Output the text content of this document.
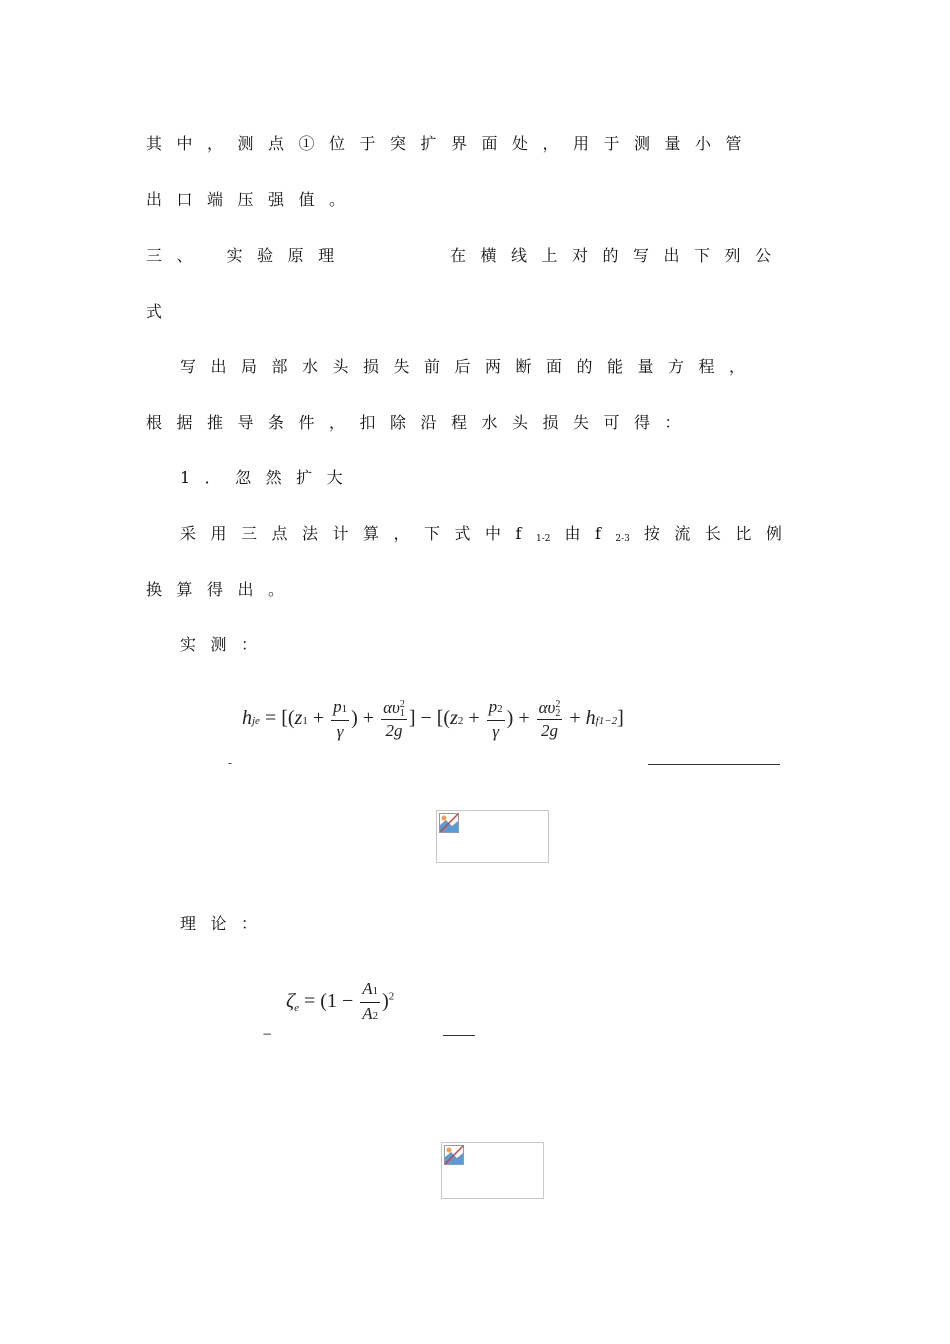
其中，测点①位于突扩界面处，用于测量小管
出口端压强值。
三、 实验原理	在横线上对的写出下列公
式
写出局部水头损失前后两断面的能量方程，
根据推导条件，扣除沿程水头损失可得：
1．忽然扩大
采用三点法计算，下式中$f_{1-2}$ 由$f_{2-3}$ 按流长比例
换算得出。
实测：
hje = [($z1 + \frac{p1}{\gamma}$ ) + αυ 2
1
2g ] − [($z2 + \frac{p2}{\gamma}$ ) + αυ 2
2
2g + hf1−2]
-
理论：
ζ ′
$e = (1 - \frac{A1}{A2} )^2$
−
